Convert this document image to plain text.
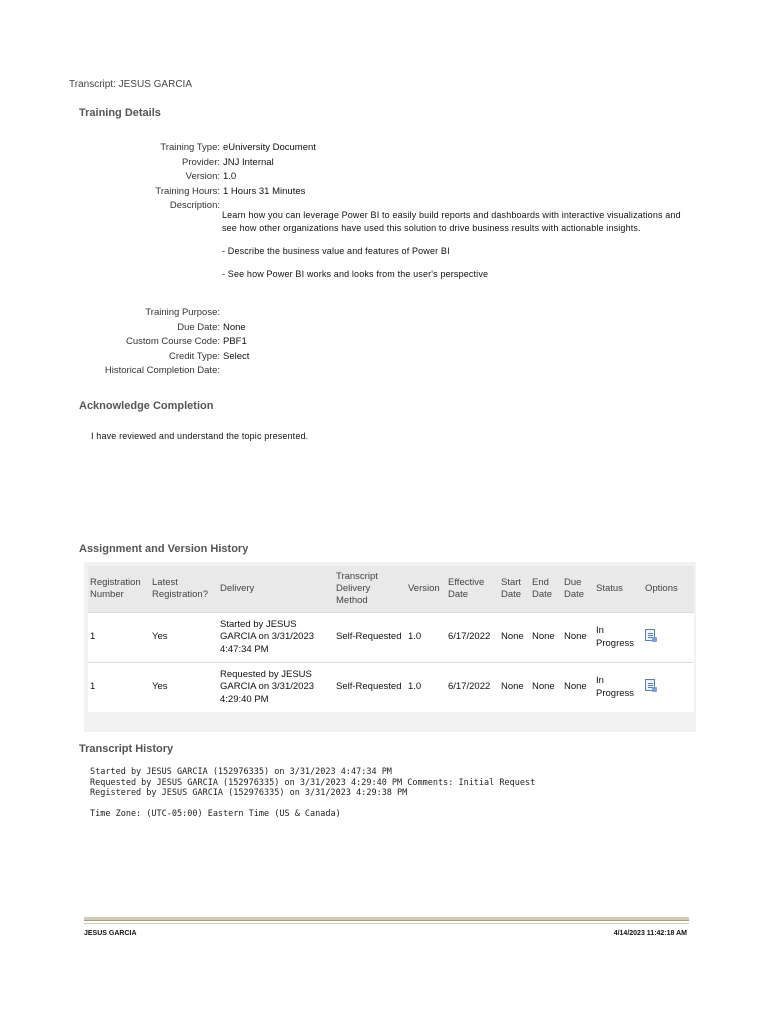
Transcript: JESUS GARCIA
Training Details
Training Type: eUniversity Document
Provider: JNJ Internal
Version: 1.0
Training Hours: 1 Hours 31 Minutes
Description:

Learn how you can leverage Power BI to easily build reports and dashboards with interactive visualizations and see how other organizations have used this solution to drive business results with actionable insights.

- Describe the business value and features of Power BI

- See how Power BI works and looks from the user's perspective

Training Purpose:
Due Date: None
Custom Course Code: PBF1
Credit Type: Select
Historical Completion Date:
Acknowledge Completion
I have reviewed and understand the topic presented.
Assignment and Version History
Registration Number	Latest Registration?	Delivery	Transcript Delivery Method	Version	Effective Date	Start Date	End Date	Due Date	Status	Options
1	Yes	Started by JESUS GARCIA on 3/31/2023 4:47:34 PM	Self-Requested	1.0	6/17/2022	None	None	None	In Progress	
1	Yes	Requested by JESUS GARCIA on 3/31/2023 4:29:40 PM	Self-Requested	1.0	6/17/2022	None	None	None	In Progress	
Transcript History
Started by JESUS GARCIA (152976335) on 3/31/2023 4:47:34 PM
Requested by JESUS GARCIA (152976335) on 3/31/2023 4:29:40 PM Comments: Initial Request
Registered by JESUS GARCIA (152976335) on 3/31/2023 4:29:38 PM
Time Zone: (UTC-05:00) Eastern Time (US & Canada)
JESUS GARCIA	4/14/2023 11:42:18 AM
